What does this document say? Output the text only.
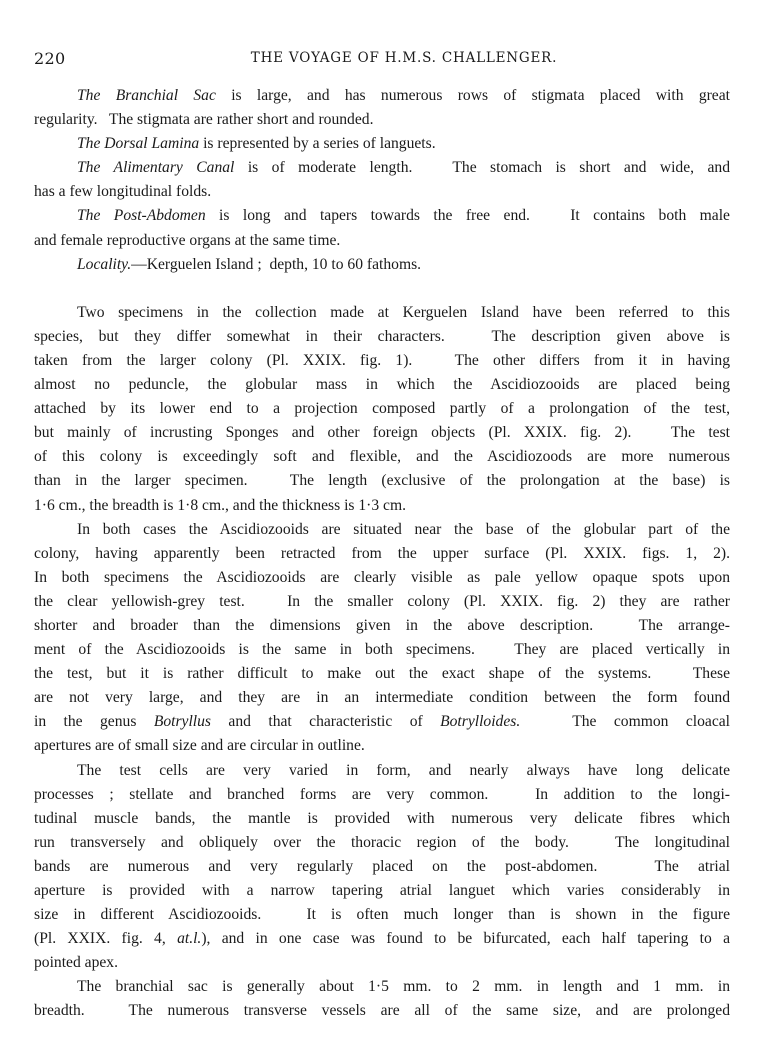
220	THE VOYAGE OF H.M.S. CHALLENGER.
The Branchial Sac is large, and has numerous rows of stigmata placed with great
regularity.   The stigmata are rather short and rounded.
The Dorsal Lamina is represented by a series of languets.
The Alimentary Canal is of moderate length.   The stomach is short and wide, and
has a few longitudinal folds.
The Post-Abdomen is long and tapers towards the free end.   It contains both male
and female reproductive organs at the same time.
Locality.—Kerguelen Island ;  depth, 10 to 60 fathoms.
Two specimens in the collection made at Kerguelen Island have been referred to this
species, but they differ somewhat in their characters.   The description given above is
taken from the larger colony (Pl. XXIX. fig. 1).   The other differs from it in having
almost no peduncle, the globular mass in which the Ascidiozooids are placed being
attached by its lower end to a projection composed partly of a prolongation of the test,
but mainly of incrusting Sponges and other foreign objects (Pl. XXIX. fig. 2).   The test
of this colony is exceedingly soft and flexible, and the Ascidiozoods are more numerous
than in the larger specimen.   The length (exclusive of the prolongation at the base) is
1·6 cm., the breadth is 1·8 cm., and the thickness is 1·3 cm.
In both cases the Ascidiozooids are situated near the base of the globular part of the
colony, having apparently been retracted from the upper surface (Pl. XXIX. figs. 1, 2).
In both specimens the Ascidiozooids are clearly visible as pale yellow opaque spots upon
the clear yellowish-grey test.   In the smaller colony (Pl. XXIX. fig. 2) they are rather
shorter and broader than the dimensions given in the above description.   The arrange-
ment of the Ascidiozooids is the same in both specimens.   They are placed vertically in
the test, but it is rather difficult to make out the exact shape of the systems.   These
are not very large, and they are in an intermediate condition between the form found
in the genus Botryllus and that characteristic of Botrylloides.   The common cloacal
apertures are of small size and are circular in outline.
The test cells are very varied in form, and nearly always have long delicate
processes ; stellate and branched forms are very common.   In addition to the longi-
tudinal muscle bands, the mantle is provided with numerous very delicate fibres which
run transversely and obliquely over the thoracic region of the body.   The longitudinal
bands are numerous and very regularly placed on the post-abdomen.   The atrial
aperture is provided with a narrow tapering atrial languet which varies considerably in
size in different Ascidiozooids.   It is often much longer than is shown in the figure
(Pl. XXIX. fig. 4, at.l.), and in one case was found to be bifurcated, each half tapering to a
pointed apex.
The branchial sac is generally about 1·5 mm. to 2 mm. in length and 1 mm. in
breadth.   The numerous transverse vessels are all of the same size, and are prolonged
